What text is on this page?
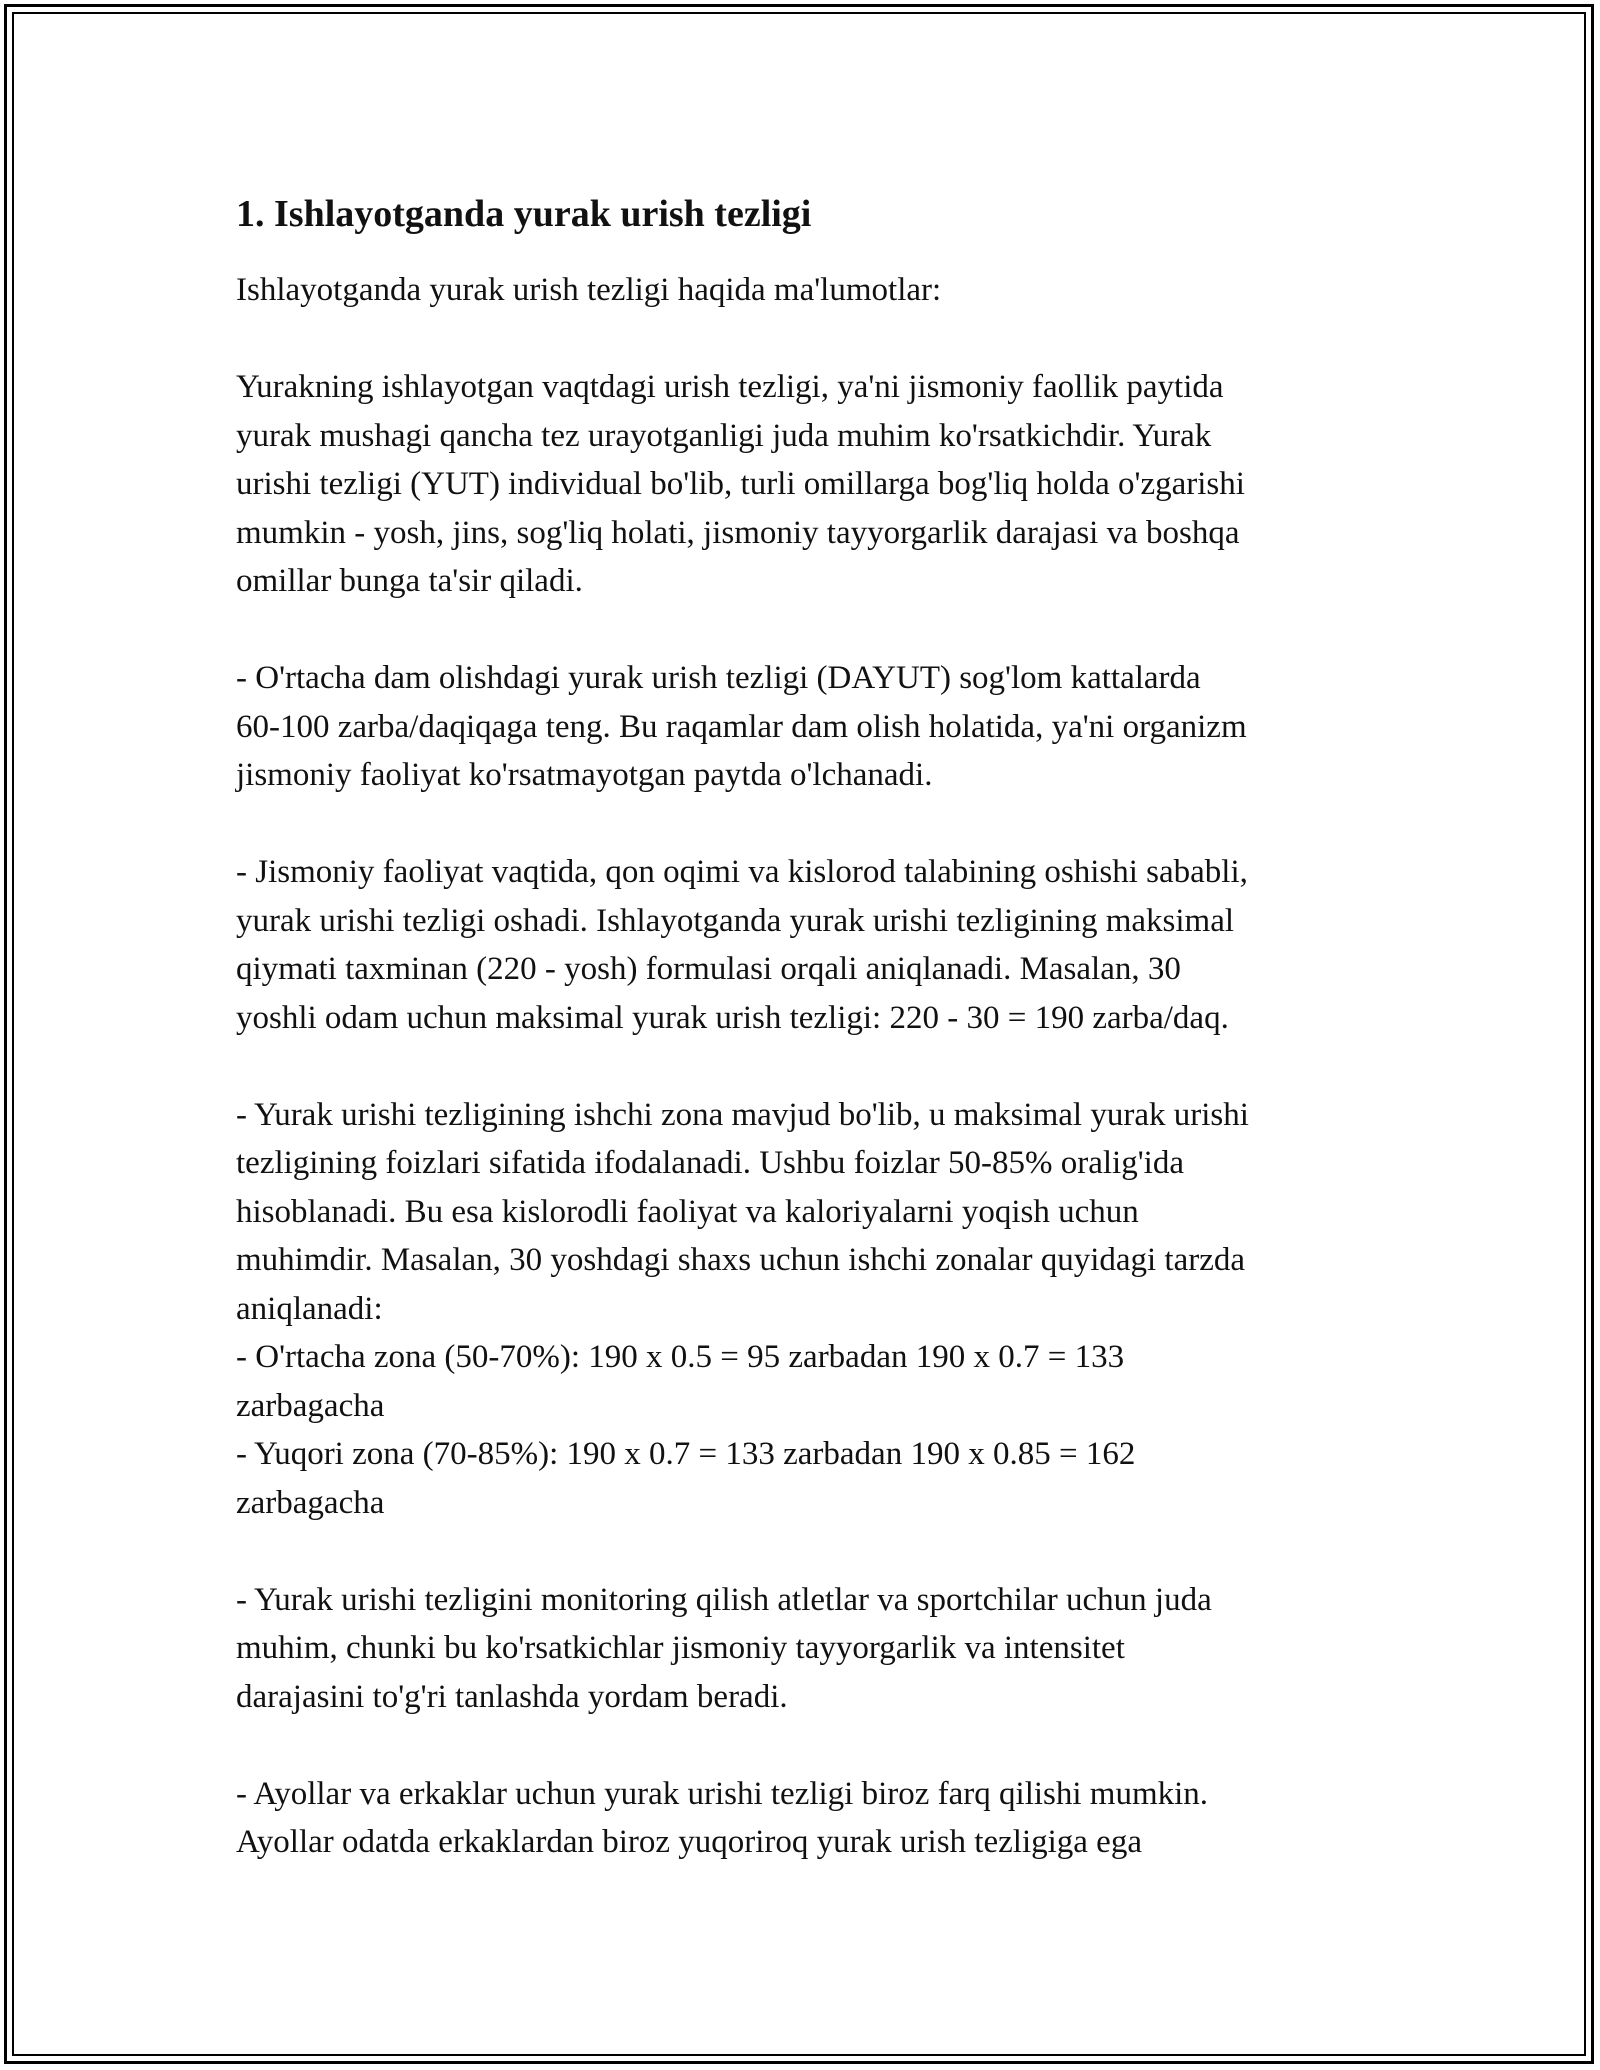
1. Ishlayotganda yurak urish tezligi

Ishlayotganda yurak urish tezligi haqida ma'lumotlar:

Yurakning ishlayotgan vaqtdagi urish tezligi, ya'ni jismoniy faollik paytida
yurak mushagi qancha tez urayotganligi juda muhim ko'rsatkichdir. Yurak
urishi tezligi (YUT) individual bo'lib, turli omillarga bog'liq holda o'zgarishi
mumkin - yosh, jins, sog'liq holati, jismoniy tayyorgarlik darajasi va boshqa
omillar bunga ta'sir qiladi.

- O'rtacha dam olishdagi yurak urish tezligi (DAYUT) sog'lom kattalarda
60-100 zarba/daqiqaga teng. Bu raqamlar dam olish holatida, ya'ni organizm
jismoniy faoliyat ko'rsatmayotgan paytda o'lchanadi.

- Jismoniy faoliyat vaqtida, qon oqimi va kislorod talabining oshishi sababli,
yurak urishi tezligi oshadi. Ishlayotganda yurak urishi tezligining maksimal
qiymati taxminan (220 - yosh) formulasi orqali aniqlanadi. Masalan, 30
yoshli odam uchun maksimal yurak urish tezligi: 220 - 30 = 190 zarba/daq.

- Yurak urishi tezligining ishchi zona mavjud bo'lib, u maksimal yurak urishi
tezligining foizlari sifatida ifodalanadi. Ushbu foizlar 50-85% oralig'ida
hisoblanadi. Bu esa kislorodli faoliyat va kaloriyalarni yoqish uchun
muhimdir. Masalan, 30 yoshdagi shaxs uchun ishchi zonalar quyidagi tarzda
aniqlanadi:
- O'rtacha zona (50-70%): 190 x 0.5 = 95 zarbadan 190 x 0.7 = 133
zarbagacha
- Yuqori zona (70-85%): 190 x 0.7 = 133 zarbadan 190 x 0.85 = 162
zarbagacha

- Yurak urishi tezligini monitoring qilish atletlar va sportchilar uchun juda
muhim, chunki bu ko'rsatkichlar jismoniy tayyorgarlik va intensitet
darajasini to'g'ri tanlashda yordam beradi.

- Ayollar va erkaklar uchun yurak urishi tezligi biroz farq qilishi mumkin.
Ayollar odatda erkaklardan biroz yuqoriroq yurak urish tezligiga ega
